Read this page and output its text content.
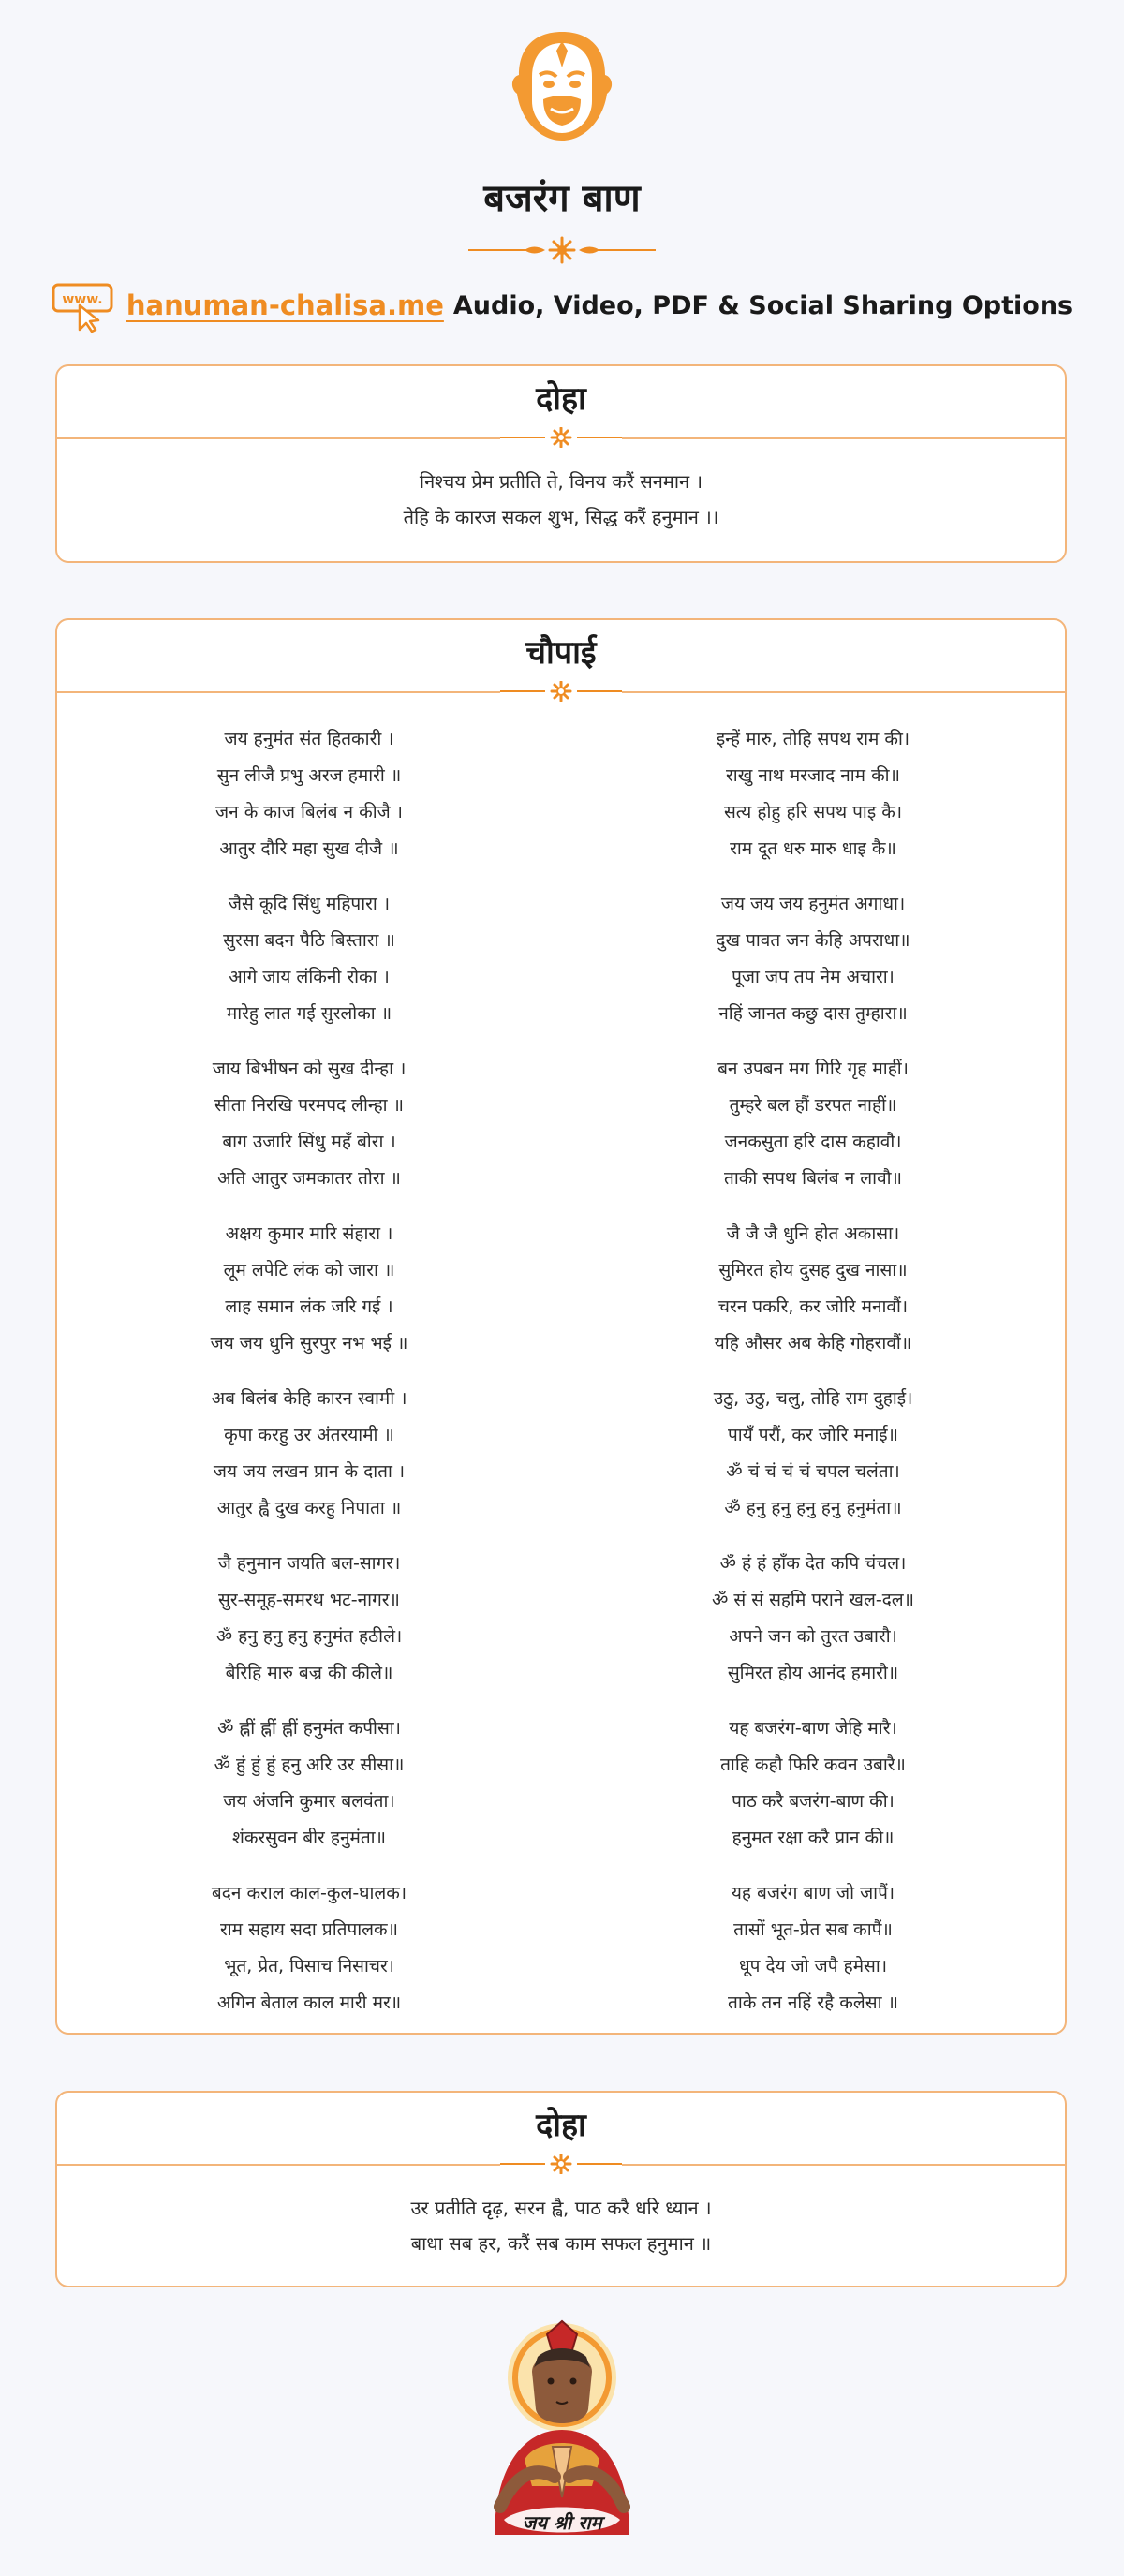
बजरंग बाण
www. hanuman-chalisa.me Audio, Video, PDF & Social Sharing Options
दोहा
निश्चय प्रेम प्रतीति ते, विनय करैं सनमान ।
तेहि के कारज सकल शुभ, सिद्ध करैं हनुमान ।।
चौपाई
जय हनुमंत संत हितकारी ।
सुन लीजै प्रभु अरज हमारी ॥
जन के काज बिलंब न कीजै ।
आतुर दौरि महा सुख दीजै ॥
जैसे कूदि सिंधु महिपारा ।
सुरसा बदन पैठि बिस्तारा ॥
आगे जाय लंकिनी रोका ।
मारेहु लात गई सुरलोका ॥
जाय बिभीषन को सुख दीन्हा ।
सीता निरखि परमपद लीन्हा ॥
बाग उजारि सिंधु महँ बोरा ।
अति आतुर जमकातर तोरा ॥
अक्षय कुमार मारि संहारा ।
लूम लपेटि लंक को जारा ॥
लाह समान लंक जरि गई ।
जय जय धुनि सुरपुर नभ भई ॥
अब बिलंब केहि कारन स्वामी ।
कृपा करहु उर अंतरयामी ॥
जय जय लखन प्रान के दाता ।
आतुर ह्वै दुख करहु निपाता ॥
जै हनुमान जयति बल-सागर।
सुर-समूह-समरथ भट-नागर॥
ॐ हनु हनु हनु हनुमंत हठीले।
बैरिहि मारु बज्र की कीले॥
ॐ ह्नीं ह्नीं ह्नीं हनुमंत कपीसा।
ॐ हुं हुं हुं हनु अरि उर सीसा॥
जय अंजनि कुमार बलवंता।
शंकरसुवन बीर हनुमंता॥
बदन कराल काल-कुल-घालक।
राम सहाय सदा प्रतिपालक॥
भूत, प्रेत, पिसाच निसाचर।
अगिन बेताल काल मारी मर॥
इन्हें मारु, तोहि सपथ राम की।
राखु नाथ मरजाद नाम की॥
सत्य होहु हरि सपथ पाइ कै।
राम दूत धरु मारु धाइ कै॥
जय जय जय हनुमंत अगाधा।
दुख पावत जन केहि अपराधा॥
पूजा जप तप नेम अचारा।
नहिं जानत कछु दास तुम्हारा॥
बन उपबन मग गिरि गृह माहीं।
तुम्हरे बल हौं डरपत नाहीं॥
जनकसुता हरि दास कहावौ।
ताकी सपथ बिलंब न लावौ॥
जै जै जै धुनि होत अकासा।
सुमिरत होय दुसह दुख नासा॥
चरन पकरि, कर जोरि मनावौं।
यहि औसर अब केहि गोहरावौं॥
उठु, उठु, चलु, तोहि राम दुहाई।
पायँ परौं, कर जोरि मनाई॥
ॐ चं चं चं चं चपल चलंता।
ॐ हनु हनु हनु हनु हनुमंता॥
ॐ हं हं हाँक देत कपि चंचल।
ॐ सं सं सहमि पराने खल-दल॥
अपने जन को तुरत उबारौ।
सुमिरत होय आनंद हमारौ॥
यह बजरंग-बाण जेहि मारै।
ताहि कहौ फिरि कवन उबारै॥
पाठ करै बजरंग-बाण की।
हनुमत रक्षा करै प्रान की॥
यह बजरंग बाण जो जापैं।
तासों भूत-प्रेत सब कापैं॥
धूप देय जो जपै हमेसा।
ताके तन नहिं रहै कलेसा ॥
दोहा
उर प्रतीति दृढ़, सरन ह्वै, पाठ करै धरि ध्यान ।
बाधा सब हर, करैं सब काम सफल हनुमान ॥
जय श्री राम
